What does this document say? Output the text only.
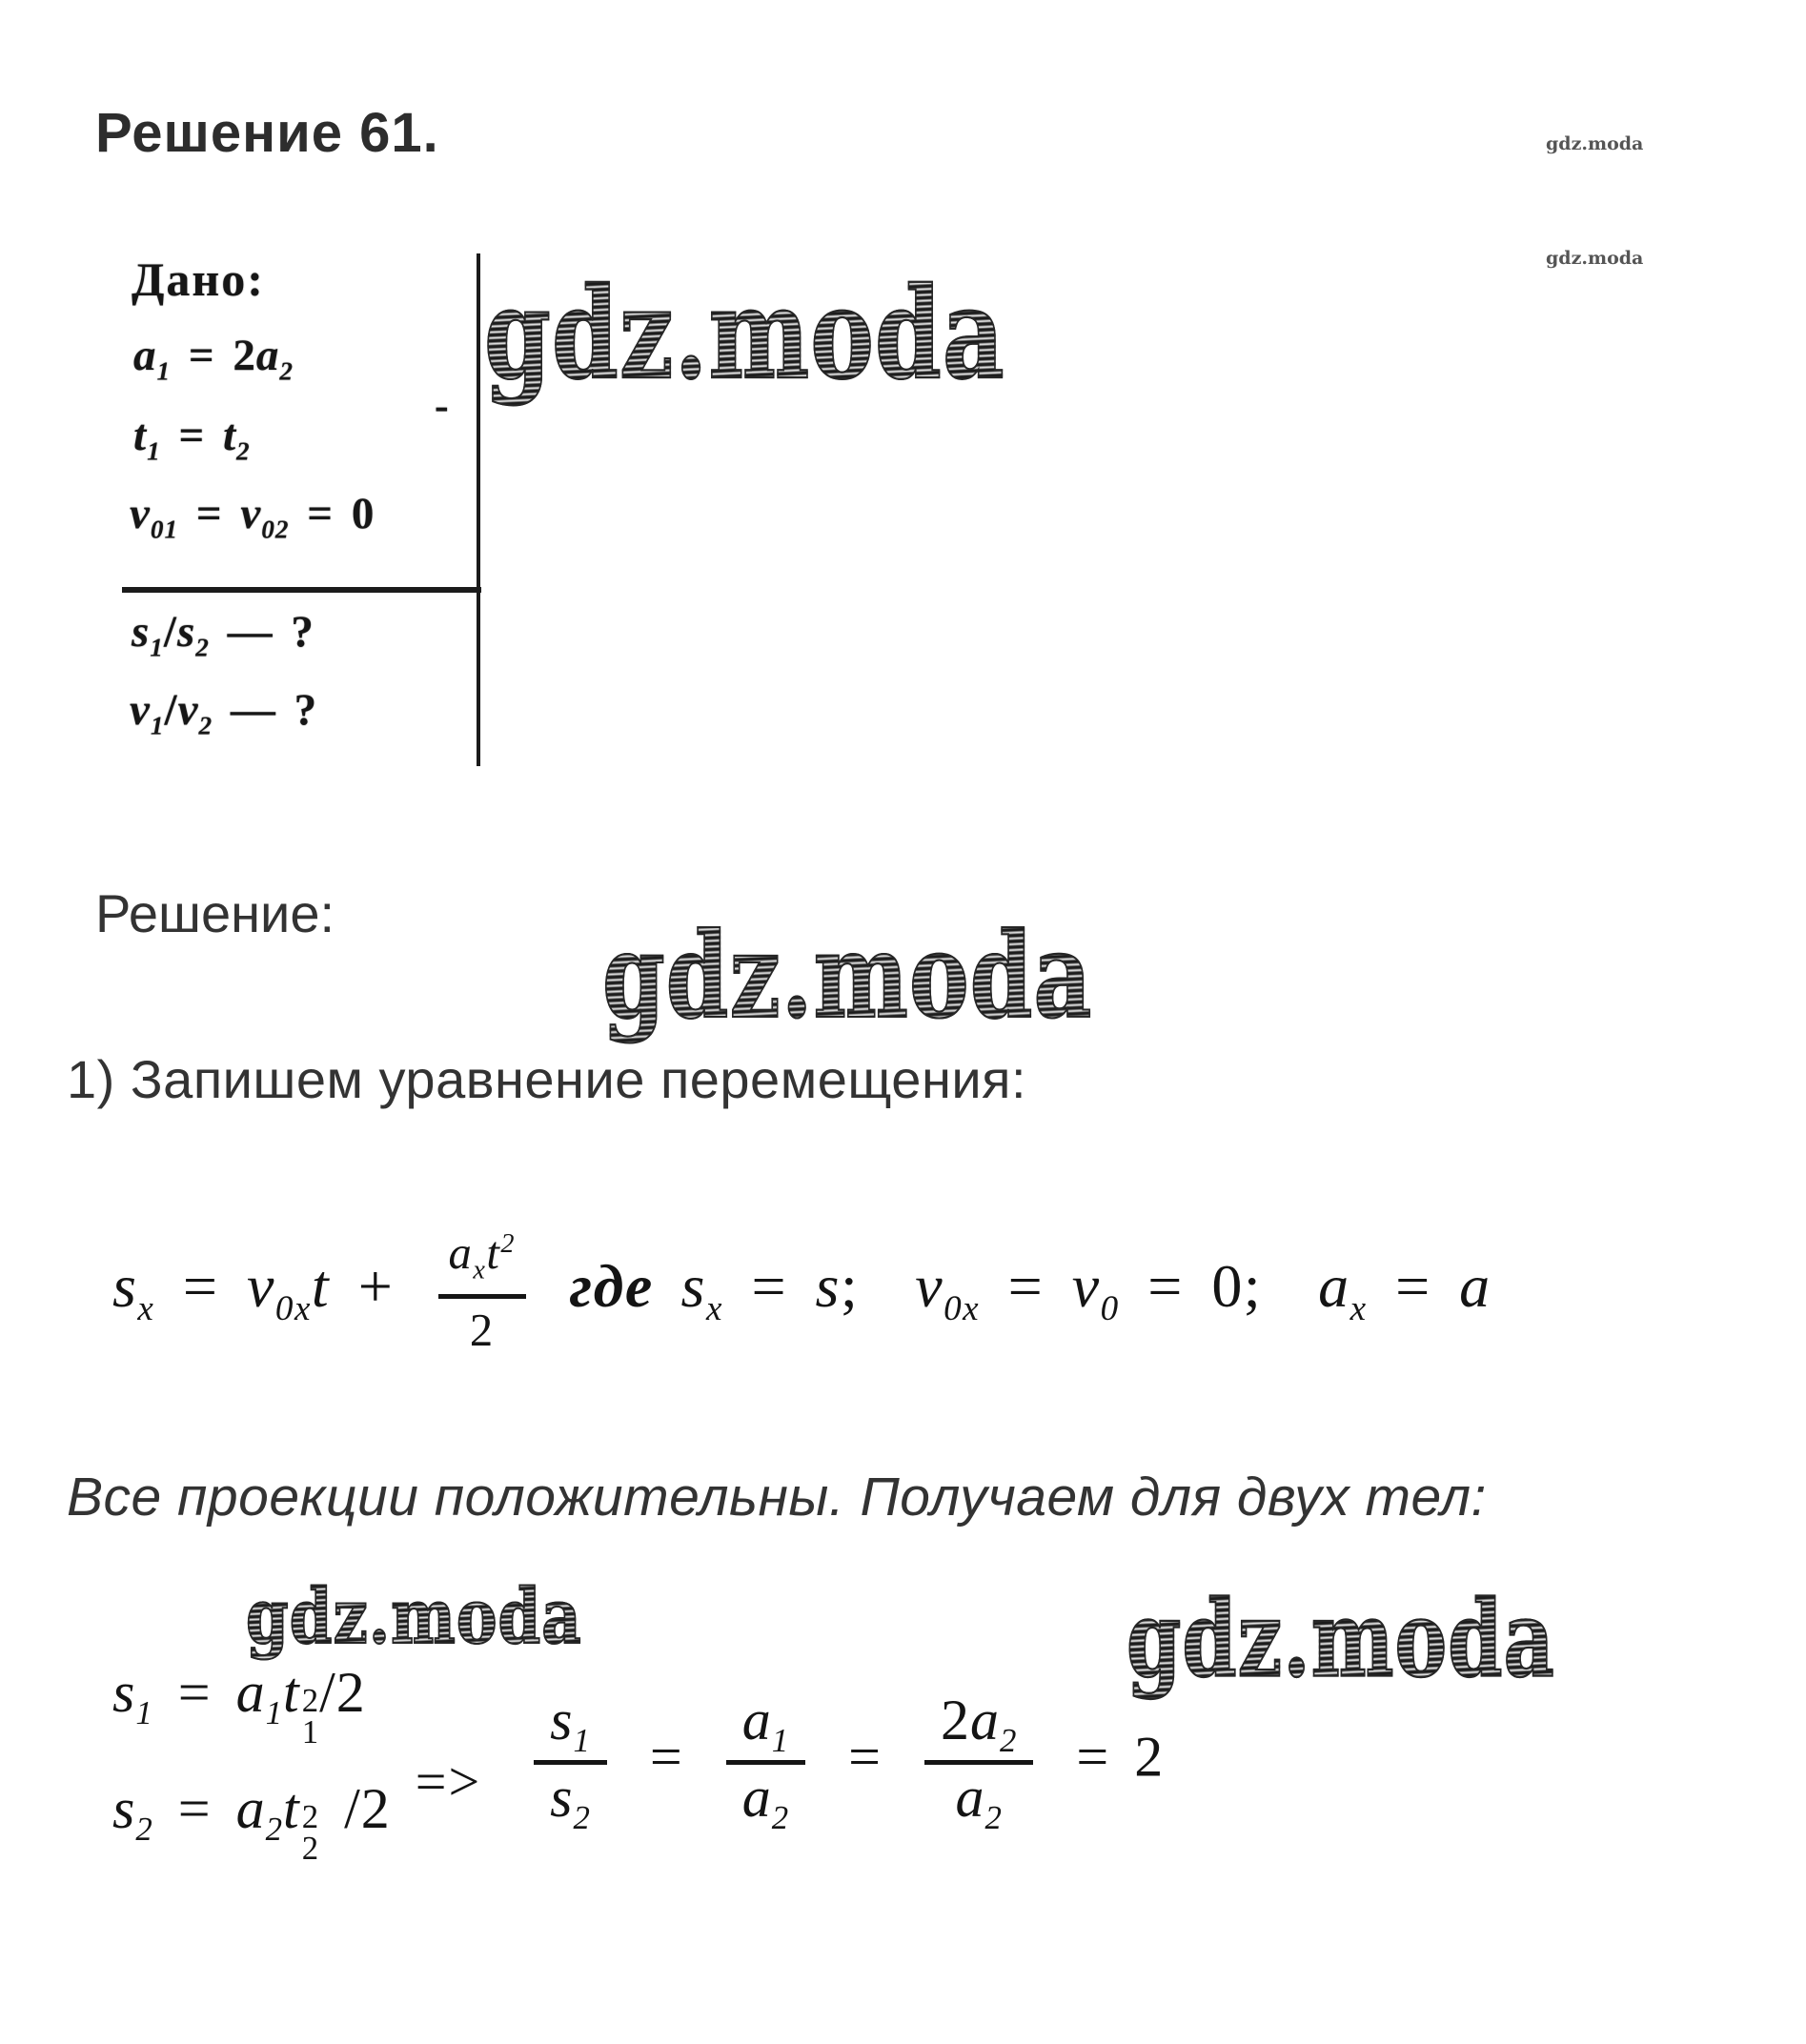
Решение 61.	gdz.moda
gdz.moda
Дано:
$a_1 = 2a_2$
$t_1 = t_2$
$v_{01} = v_{02} = 0$
-
$s_1/s_2$ — ?
$v_1/v_2$ — ?
gdz.moda
Решение:	gdz.moda
1) Запишем уравнение перемещения:
$s_x = v_{0x}t + \frac{a_xt^2}{2}$ где $s_x = s$;  $v_{0x} = v_0 = 0$;  $a_x = a$
Все проекции положительны. Получаем для двух тел:
gdz.moda	gdz.moda
$s_1 = a_1t$ 2
1
/2
$s_2 = a_2t$ 2
2
$/2 => \frac{s_1}{s_2} = \frac{a_1}{a_2} = \frac{2a_2}{a_2} = 2$
